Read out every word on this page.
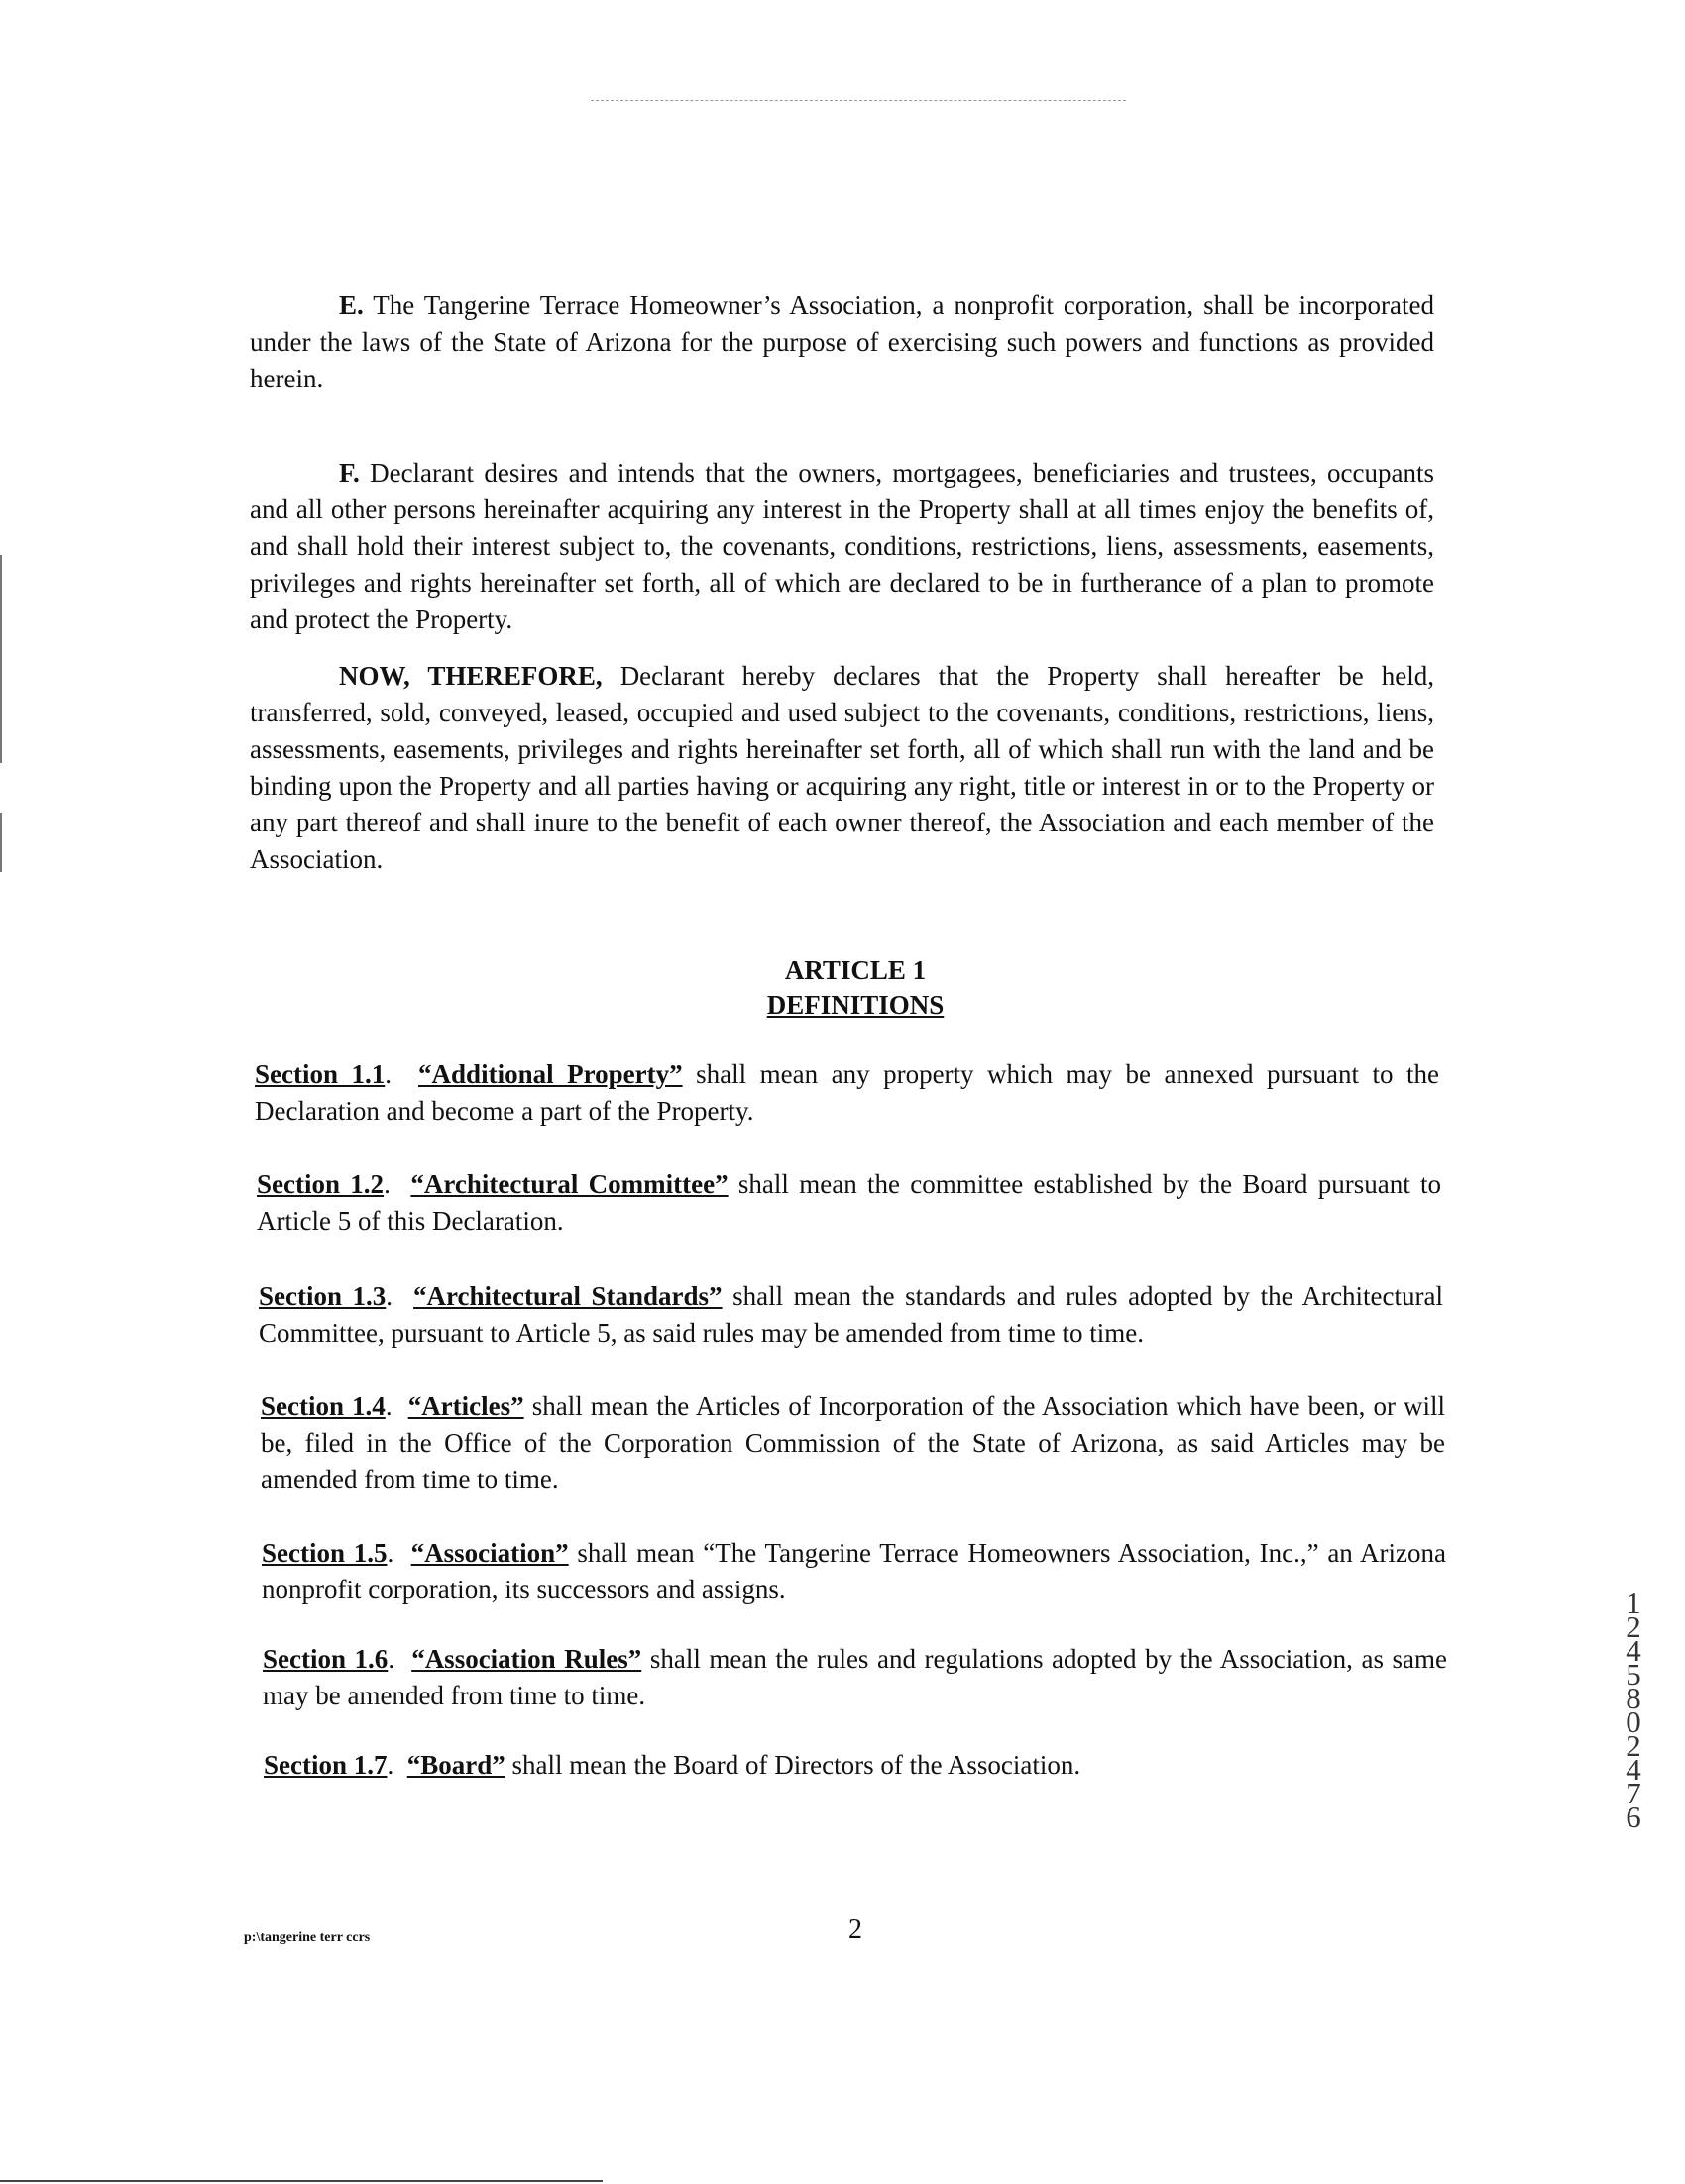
E. The Tangerine Terrace Homeowner’s Association, a nonprofit corporation, shall be incorporated under the laws of the State of Arizona for the purpose of exercising such powers and functions as provided herein.

F. Declarant desires and intends that the owners, mortgagees, beneficiaries and trustees, occupants and all other persons hereinafter acquiring any interest in the Property shall at all times enjoy the benefits of, and shall hold their interest subject to, the covenants, conditions, restrictions, liens, assessments, easements, privileges and rights hereinafter set forth, all of which are declared to be in furtherance of a plan to promote and protect the Property.

NOW, THEREFORE, Declarant hereby declares that the Property shall hereafter be held, transferred, sold, conveyed, leased, occupied and used subject to the covenants, conditions, restrictions, liens, assessments, easements, privileges and rights hereinafter set forth, all of which shall run with the land and be binding upon the Property and all parties having or acquiring any right, title or interest in or to the Property or any part thereof and shall inure to the benefit of each owner thereof, the Association and each member of the Association.

ARTICLE 1
DEFINITIONS

Section 1.1.  “Additional Property” shall mean any property which may be annexed pursuant to the Declaration and become a part of the Property.

Section 1.2.  “Architectural Committee” shall mean the committee established by the Board pursuant to Article 5 of this Declaration.

Section 1.3.  “Architectural Standards” shall mean the standards and rules adopted by the Architectural Committee, pursuant to Article 5, as said rules may be amended from time to time.

Section 1.4.  “Articles” shall mean the Articles of Incorporation of the Association which have been, or will be, filed in the Office of the Corporation Commission of the State of Arizona, as said Articles may be amended from time to time.

Section 1.5.  “Association” shall mean “The Tangerine Terrace Homeowners Association, Inc.,” an Arizona nonprofit corporation, its successors and assigns.

Section 1.6.  “Association Rules” shall mean the rules and regulations adopted by the Association, as same may be amended from time to time.

Section 1.7.  “Board” shall mean the Board of Directors of the Association.

12458 02476
p:\tangerine terr ccrs	2
